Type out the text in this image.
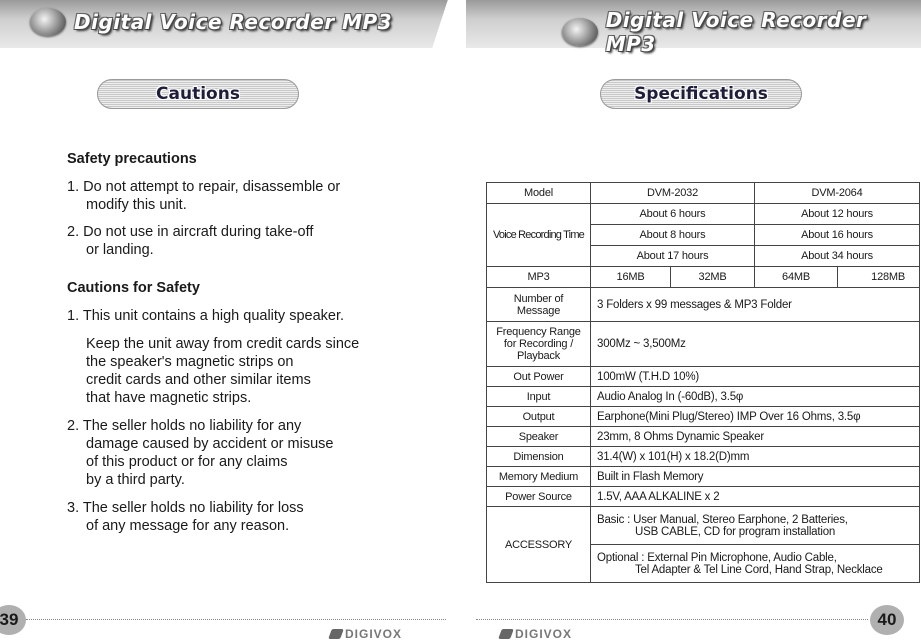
Digital Voice Recorder MP3	Digital Voice Recorder MP3
Cautions	Specifications

Safety precautions

1. Do not attempt to repair, disassemble or

modify this unit.

2. Do not use in aircraft during take-off

or landing.

Cautions for Safety

1. This unit contains a high quality speaker.

Keep the unit away from credit cards since

the speaker's magnetic strips on

credit cards and other similar items

that have magnetic strips.

2. The seller holds no liability for any

damage caused by accident or misuse

of this product or for any claims

by a third party.

3. The seller holds no liability for loss

of any message for any reason.

Model	DVM-2032		DVM-2064	
Voice Recording Time	About 6 hours		About 12 hours	
	About 8 hours		About 16 hours	
	About 17 hours		About 34 hours	
MP3	16MB	32MB	64MB	128MB
Number of
Message	3 Folders x 99 messages & MP3 Folder			
Frequency Range
for Recording /
Playback	300Mz ~ 3,500Mz			
Out Power	100mW (T.H.D 10%)			
Input	Audio Analog In (-60dB), 3.5φ			
Output	Earphone(Mini Plug/Stereo) IMP Over 16 Ohms, 3.5φ			
Speaker	23mm, 8 Ohms Dynamic Speaker			
Dimension	31.4(W) x 101(H) x 18.2(D)mm			
Memory Medium	Built in Flash Memory			
Power Source	1.5V, AAA ALKALINE x 2			
ACCESSORY	Basic : User Manual, Stereo Earphone, 2 Batteries,
USB CABLE, CD for program installation			

	Optional : External Pin Microphone, Audio Cable,
Tel Adapter & Tel Line Cord, Hand Strap, Necklace			
39	40
DIGIVOX	DIGIVOX
